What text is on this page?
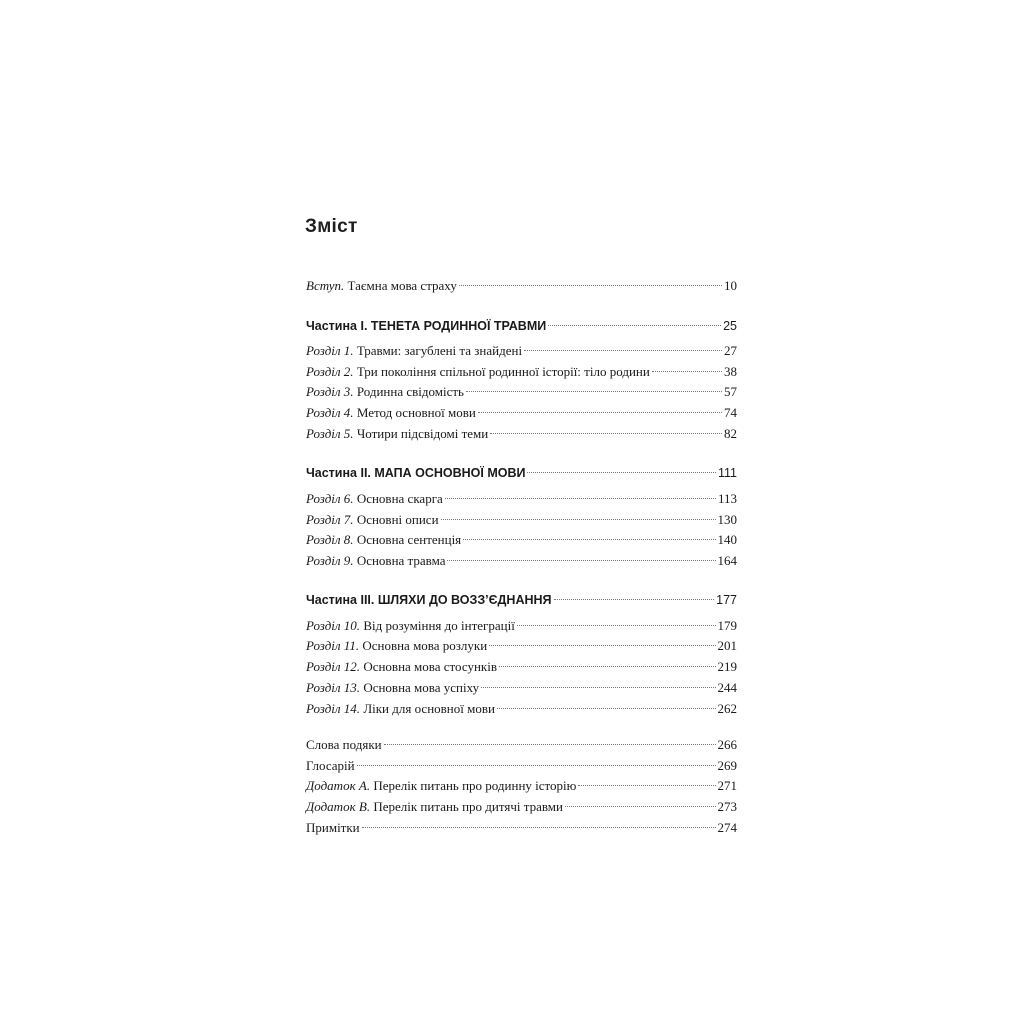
Зміст
Вступ. Таємна мова страху	10
Частина І. ТЕНЕТА РОДИННОЇ ТРАВМИ	25
Розділ 1. Травми: загублені та знайдені	27
Розділ 2. Три покоління спільної родинної історії: тіло родини	38
Розділ 3. Родинна свідомість	57
Розділ 4. Метод основної мови	74
Розділ 5. Чотири підсвідомі теми	82
Частина ІІ. МАПА ОСНОВНОЇ МОВИ	111
Розділ 6. Основна скарга	113
Розділ 7. Основні описи	130
Розділ 8. Основна сентенція	140
Розділ 9. Основна травма	164
Частина ІІІ. ШЛЯХИ ДО ВОЗЗ’ЄДНАННЯ	177
Розділ 10. Від розуміння до інтеграції	179
Розділ 11. Основна мова розлуки	201
Розділ 12. Основна мова стосунків	219
Розділ 13. Основна мова успіху	244
Розділ 14. Ліки для основної мови	262
Слова подяки	266
Глосарій	269
Додаток А. Перелік питань про родинну історію	271
Додаток В. Перелік питань про дитячі травми	273
Примітки	274
